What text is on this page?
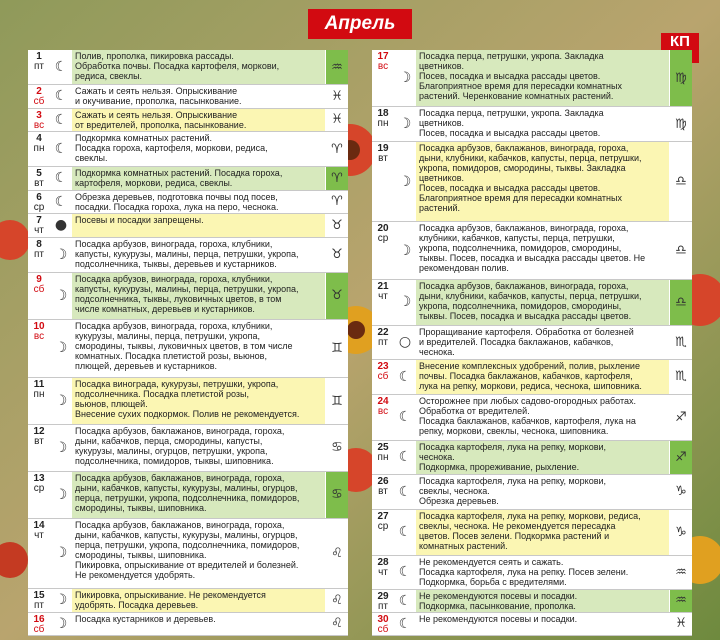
Апрель
КП
1
пт ☾
Полив, прополка, пикировка рассады.
Обработка почвы. Посадка картофеля, моркови,
редиса, свеклы.
♒
2
сб ☾ Сажать и сеять нельзя. Опрыскивание
и окучивание, прополка, пасынкование.	♓
3
вс ☾ Сажать и сеять нельзя. Опрыскивание
от вредителей, прополка, пасынкование.	♓
4
пн ☾
Подкормка комнатных растений.
Посадка гороха, картофеля, моркови, редиса,
свеклы.
♈
5
вт ☾ Подкормка комнатных растений. Посадка гороха,
картофеля, моркови, редиса, свеклы.	♈
6
ср ☾ Обрезка деревьев, подготовка почвы под посев,
посадки. Посадка гороха, лука на перо, чеснока.	♈
7
чт ● Посевы и посадки запрещены.	♉
8
пт ☽
Посадка арбузов, винограда, гороха, клубники,
капусты, кукурузы, малины, перца, петрушки, укропа,
подсолнечника, тыквы, деревьев и кустарников.
♉
9
сб ☽
Посадка арбузов, винограда, гороха, клубники,
капусты, кукурузы, малины, перца, петрушки, укропа,
подсолнечника, тыквы, луковичных цветов, в том
числе комнатных, деревьев и кустарников.
♉
10
вс
☽
Посадка арбузов, винограда, гороха, клубники,
кукурузы, малины, перца, петрушки, укропа,
смородины, тыквы, луковичных цветов, в том числе
комнатных. Посадка плетистой розы, вьюнов,
плющей, деревьев и кустарников.
♊
11
пн ☽
Посадка винограда, кукурузы, петрушки, укропа,
подсолнечника. Посадка плетистой розы,
вьюнов, плющей.
Внесение сухих подкормок. Полив не рекомендуется.
♊
12
вт ☽
Посадка арбузов, баклажанов, винограда, гороха,
дыни, кабачков, перца, смородины, капусты,
кукурузы, малины, огурцов, петрушки, укропа,
подсолнечника, помидоров, тыквы, шиповника.
♋
13
ср ☽
Посадка арбузов, баклажанов, винограда, гороха,
дыни, кабачков, капусты, кукурузы, малины, огурцов,
перца, петрушки, укропа, подсолнечника, помидоров,
смородины, тыквы, шиповника.
♋
14
чт
☽
Посадка арбузов, баклажанов, винограда, гороха,
дыни, кабачков, капусты, кукурузы, малины, огурцов,
перца, петрушки, укропа, подсолнечника, помидоров,
смородины, тыквы, шиповника.
Пикировка, опрыскивание от вредителей и болезней.
Не рекомендуется удобрять.
♌
15
пт ☽ Пикировка, опрыскивание. Не рекомендуется
удобрять. Посадка деревьев.	♌
16
сб ☽ Посадка кустарников и деревьев.	♌
17
вс
☽
Посадка перца, петрушки, укропа. Закладка
цветников.
Посев, посадка и высадка рассады цветов.
Благоприятное время для пересадки комнатных
растений. Черенкование комнатных растений.
♍
18
пн ☽
Посадка перца, петрушки, укропа. Закладка
цветников.
Посев, посадка и высадка рассады цветов.
♍
19
вт
☽
Посадка арбузов, баклажанов, винограда, гороха,
дыни, клубники, кабачков, капусты, перца, петрушки,
укропа, помидоров, смородины, тыквы. Закладка
цветников.
Посев, посадка и высадка рассады цветов.
Благоприятное время для пересадки комнатных
растений.
♎
20
ср
☽
Посадка арбузов, баклажанов, винограда, гороха,
клубники, кабачков, капусты, перца, петрушки,
укропа, подсолнечника, помидоров, смородины,
тыквы. Посев, посадка и высадка рассады цветов. Не
рекомендован полив.
♎
21
чт ☽
Посадка арбузов, баклажанов, винограда, гороха,
дыни, клубники, кабачков, капусты, перца, петрушки,
укропа, подсолнечника, помидоров, смородины,
тыквы. Посев, посадка и высадка рассады цветов.
♎
22
пт ○
Проращивание картофеля. Обработка от болезней
и вредителей. Посадка баклажанов, кабачков,
чеснока.
♏
23
сб ☾
Внесение комплексных удобрений, полив, рыхление
почвы. Посадка баклажанов, кабачков, картофеля,
лука на репку, моркови, редиса, чеснока, шиповника.
♏
24
вс ☾
Осторожнее при любых садово-огородных работах.
Обработка от вредителей.
Посадка баклажанов, кабачков, картофеля, лука на
репку, моркови, свеклы, чеснока, шиповника.
♐
25
пн ☾
Посадка картофеля, лука на репку, моркови,
чеснока.
Подкормка, прореживание, рыхление.
♐
26
вт ☾
Посадка картофеля, лука на репку, моркови,
свеклы, чеснока.
Обрезка деревьев.
♑
27
ср ☾
Посадка картофеля, лука на репку, моркови, редиса,
свеклы, чеснока. Не рекомендуется пересадка
цветов. Посев зелени. Подкормка растений и
комнатных растений.
♑
28
чт ☾
Не рекомендуется сеять и сажать.
Посадка картофеля, лука на репку. Посев зелени.
Подкормка, борьба с вредителями.
♒
29
пт ☾ Не рекомендуются посевы и посадки.
Подкормка, пасынкование, прополка.	♒
30
сб ☾ Не рекомендуются посевы и посадки.	♓
